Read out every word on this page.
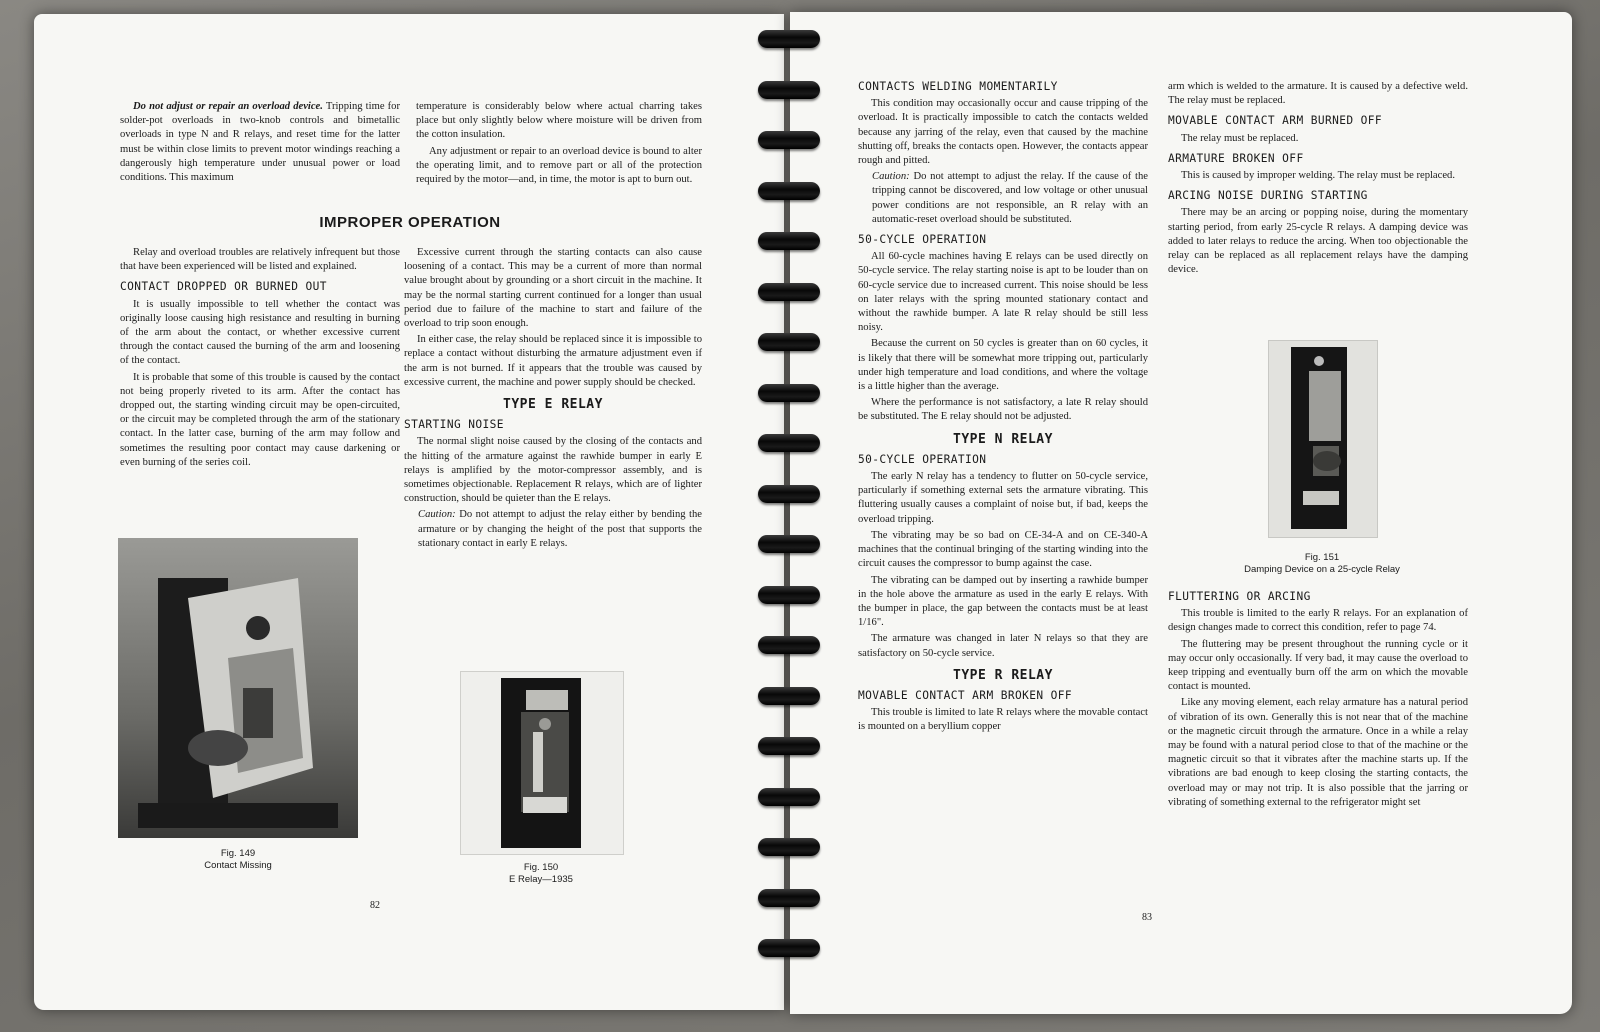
Do not adjust or repair an overload device. Tripping time for solder-pot overloads in two-knob controls and bimetallic overloads in type N and R relays, and reset time for the latter must be within close limits to prevent motor windings reaching a dangerously high temperature under unusual power or load conditions. This maximum

temperature is considerably below where actual charring takes place but only slightly below where moisture will be driven from the cotton insulation.

Any adjustment or repair to an overload device is bound to alter the operating limit, and to remove part or all of the protection required by the motor—and, in time, the motor is apt to burn out.

IMPROPER OPERATION

Relay and overload troubles are relatively infrequent but those that have been experienced will be listed and explained.

CONTACT DROPPED OR BURNED OUT

It is usually impossible to tell whether the contact was originally loose causing high resistance and resulting in burning of the arm about the contact, or whether excessive current through the contact caused the burning of the arm and loosening of the contact.

It is probable that some of this trouble is caused by the contact not being properly riveted to its arm. After the contact has dropped out, the starting winding circuit may be open-circuited, or the circuit may be completed through the arm of the stationary contact. In the latter case, burning of the arm may follow and sometimes the resulting poor contact may cause darkening or even burning of the series coil.

Excessive current through the starting contacts can also cause loosening of a contact. This may be a current of more than normal value brought about by grounding or a short circuit in the machine. It may be the normal starting current continued for a longer than usual period due to failure of the machine to start and failure of the overload to trip soon enough.

In either case, the relay should be replaced since it is impossible to replace a contact without disturbing the armature adjustment even if the arm is not burned. If it appears that the trouble was caused by excessive current, the machine and power supply should be checked.

TYPE E RELAY
STARTING NOISE

The normal slight noise caused by the closing of the contacts and the hitting of the armature against the rawhide bumper in early E relays is amplified by the motor-compressor assembly, and is sometimes objectionable. Replacement R relays, which are of lighter construction, should be quieter than the E relays.

Caution: Do not attempt to adjust the relay either by bending the armature or by changing the height of the post that supports the stationary contact in early E relays.

Fig. 149
Contact Missing	Fig. 150
E Relay—1935
82
CONTACTS WELDING MOMENTARILY

This condition may occasionally occur and cause tripping of the overload. It is practically impossible to catch the contacts welded because any jarring of the relay, even that caused by the machine shutting off, breaks the contacts open. However, the contacts appear rough and pitted.

Caution: Do not attempt to adjust the relay. If the cause of the tripping cannot be discovered, and low voltage or other unusual power conditions are not responsible, an R relay with an automatic-reset overload should be substituted.

50-CYCLE OPERATION

All 60-cycle machines having E relays can be used directly on 50-cycle service. The relay starting noise is apt to be louder than on 60-cycle service due to increased current. This noise should be less on later relays with the spring mounted stationary contact and without the rawhide bumper. A late R relay should be still less noisy.

Because the current on 50 cycles is greater than on 60 cycles, it is likely that there will be somewhat more tripping out, particularly under high temperature and load conditions, and where the voltage is a little higher than the average.

Where the performance is not satisfactory, a late R relay should be substituted. The E relay should not be adjusted.

TYPE N RELAY
50-CYCLE OPERATION

The early N relay has a tendency to flutter on 50-cycle service, particularly if something external sets the armature vibrating. This fluttering usually causes a complaint of noise but, if bad, keeps the overload tripping.

The vibrating may be so bad on CE-34-A and on CE-340-A machines that the continual bringing of the starting winding into the circuit causes the compressor to bump against the case.

The vibrating can be damped out by inserting a rawhide bumper in the hole above the armature as used in the early E relays. With the bumper in place, the gap between the contacts must be at least 1/16".

The armature was changed in later N relays so that they are satisfactory on 50-cycle service.

TYPE R RELAY
MOVABLE CONTACT ARM BROKEN OFF

This trouble is limited to late R relays where the movable contact is mounted on a beryllium copper

arm which is welded to the armature. It is caused by a defective weld. The relay must be replaced.

MOVABLE CONTACT ARM BURNED OFF

The relay must be replaced.

ARMATURE BROKEN OFF

This is caused by improper welding. The relay must be replaced.

ARCING NOISE DURING STARTING

There may be an arcing or popping noise, during the momentary starting period, from early 25-cycle R relays. A damping device was added to later relays to reduce the arcing. When too objectionable the relay can be replaced as all replacement relays have the damping device.

Fig. 151
Damping Device on a 25-cycle Relay
FLUTTERING OR ARCING

This trouble is limited to the early R relays. For an explanation of design changes made to correct this condition, refer to page 74.

The fluttering may be present throughout the running cycle or it may occur only occasionally. If very bad, it may cause the overload to keep tripping and eventually burn off the arm on which the movable contact is mounted.

Like any moving element, each relay armature has a natural period of vibration of its own. Generally this is not near that of the machine or the magnetic circuit through the armature. Once in a while a relay may be found with a natural period close to that of the machine or the magnetic circuit so that it vibrates after the machine starts up. If the vibrations are bad enough to keep closing the starting contacts, the overload may or may not trip. It is also possible that the jarring or vibrating of something external to the refrigerator might set

83
